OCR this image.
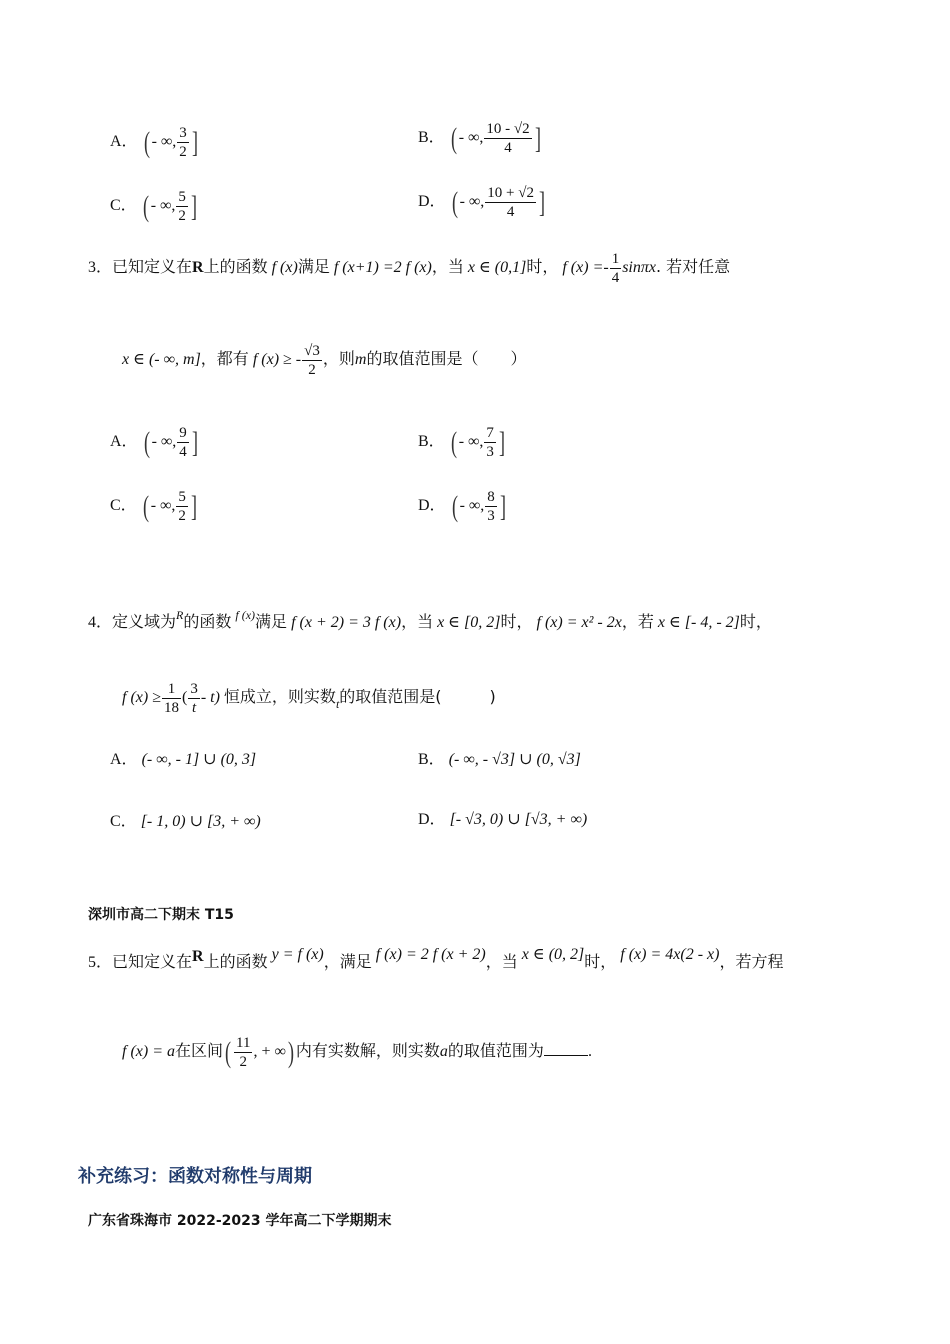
A． ( - ∞, $\frac{3}{2}$ ]	B． ( - ∞, $\frac{10 - √2}{4}$ ]
C． ( - ∞, $\frac{5}{2}$ ]	D． ( - ∞, $\frac{10 + √2}{4}$ ]
3．已知定义在R上的函数 f (x)满足 f (x+1) =2 f (x)，当 x ∈ (0,1]时， f $(x) =- \frac{1}{4} \sin\pi x$. 若对任意
x ∈ (- ∞, m]，都有 f (x) ≥ - $\frac{√3}{2}$ ，则m的取值范围是（　　）
A． ( - ∞, $\frac{9}{4}$ ]	B． ( - ∞, $\frac{7}{3}$ ]
C． ( - ∞, $\frac{5}{2}$ ]	D． ( - ∞, $\frac{8}{3}$ ]
4．定义域为$^R$的函数 $^{f (x)}$满足 f (x + 2) = 3 f (x)，当 x ∈ [0, 2]时， f (x) = x² - 2x，若 x ∈ [- 4, - 2]时，
f $(x) \ge \frac{1}{18}$ ( $\frac{3}{t} - t$) 恒成立，则实数$_t$的取值范围是(　　　)
A． (- ∞, - 1] ∪ (0, 3]	B． (- ∞, - √3] ∪ (0, √3]
C． [- 1, 0) ∪ [3, + ∞)	D． [- √3, 0) ∪ [√3, + ∞)
深圳市高二下期末 T15
5．已知定义在R上的函数 y = f (x)，满足 f (x) = 2 f (x + 2)，当 x ∈ (0, 2]时， f (x) = 4x(2 - x)，若方程
f (x) = a在区间( $\frac{11}{2}$ , + ∞) 内有实数解，则实数a的取值范围为	.
补充练习：函数对称性与周期
广东省珠海市 2022-2023 学年高二下学期期末
